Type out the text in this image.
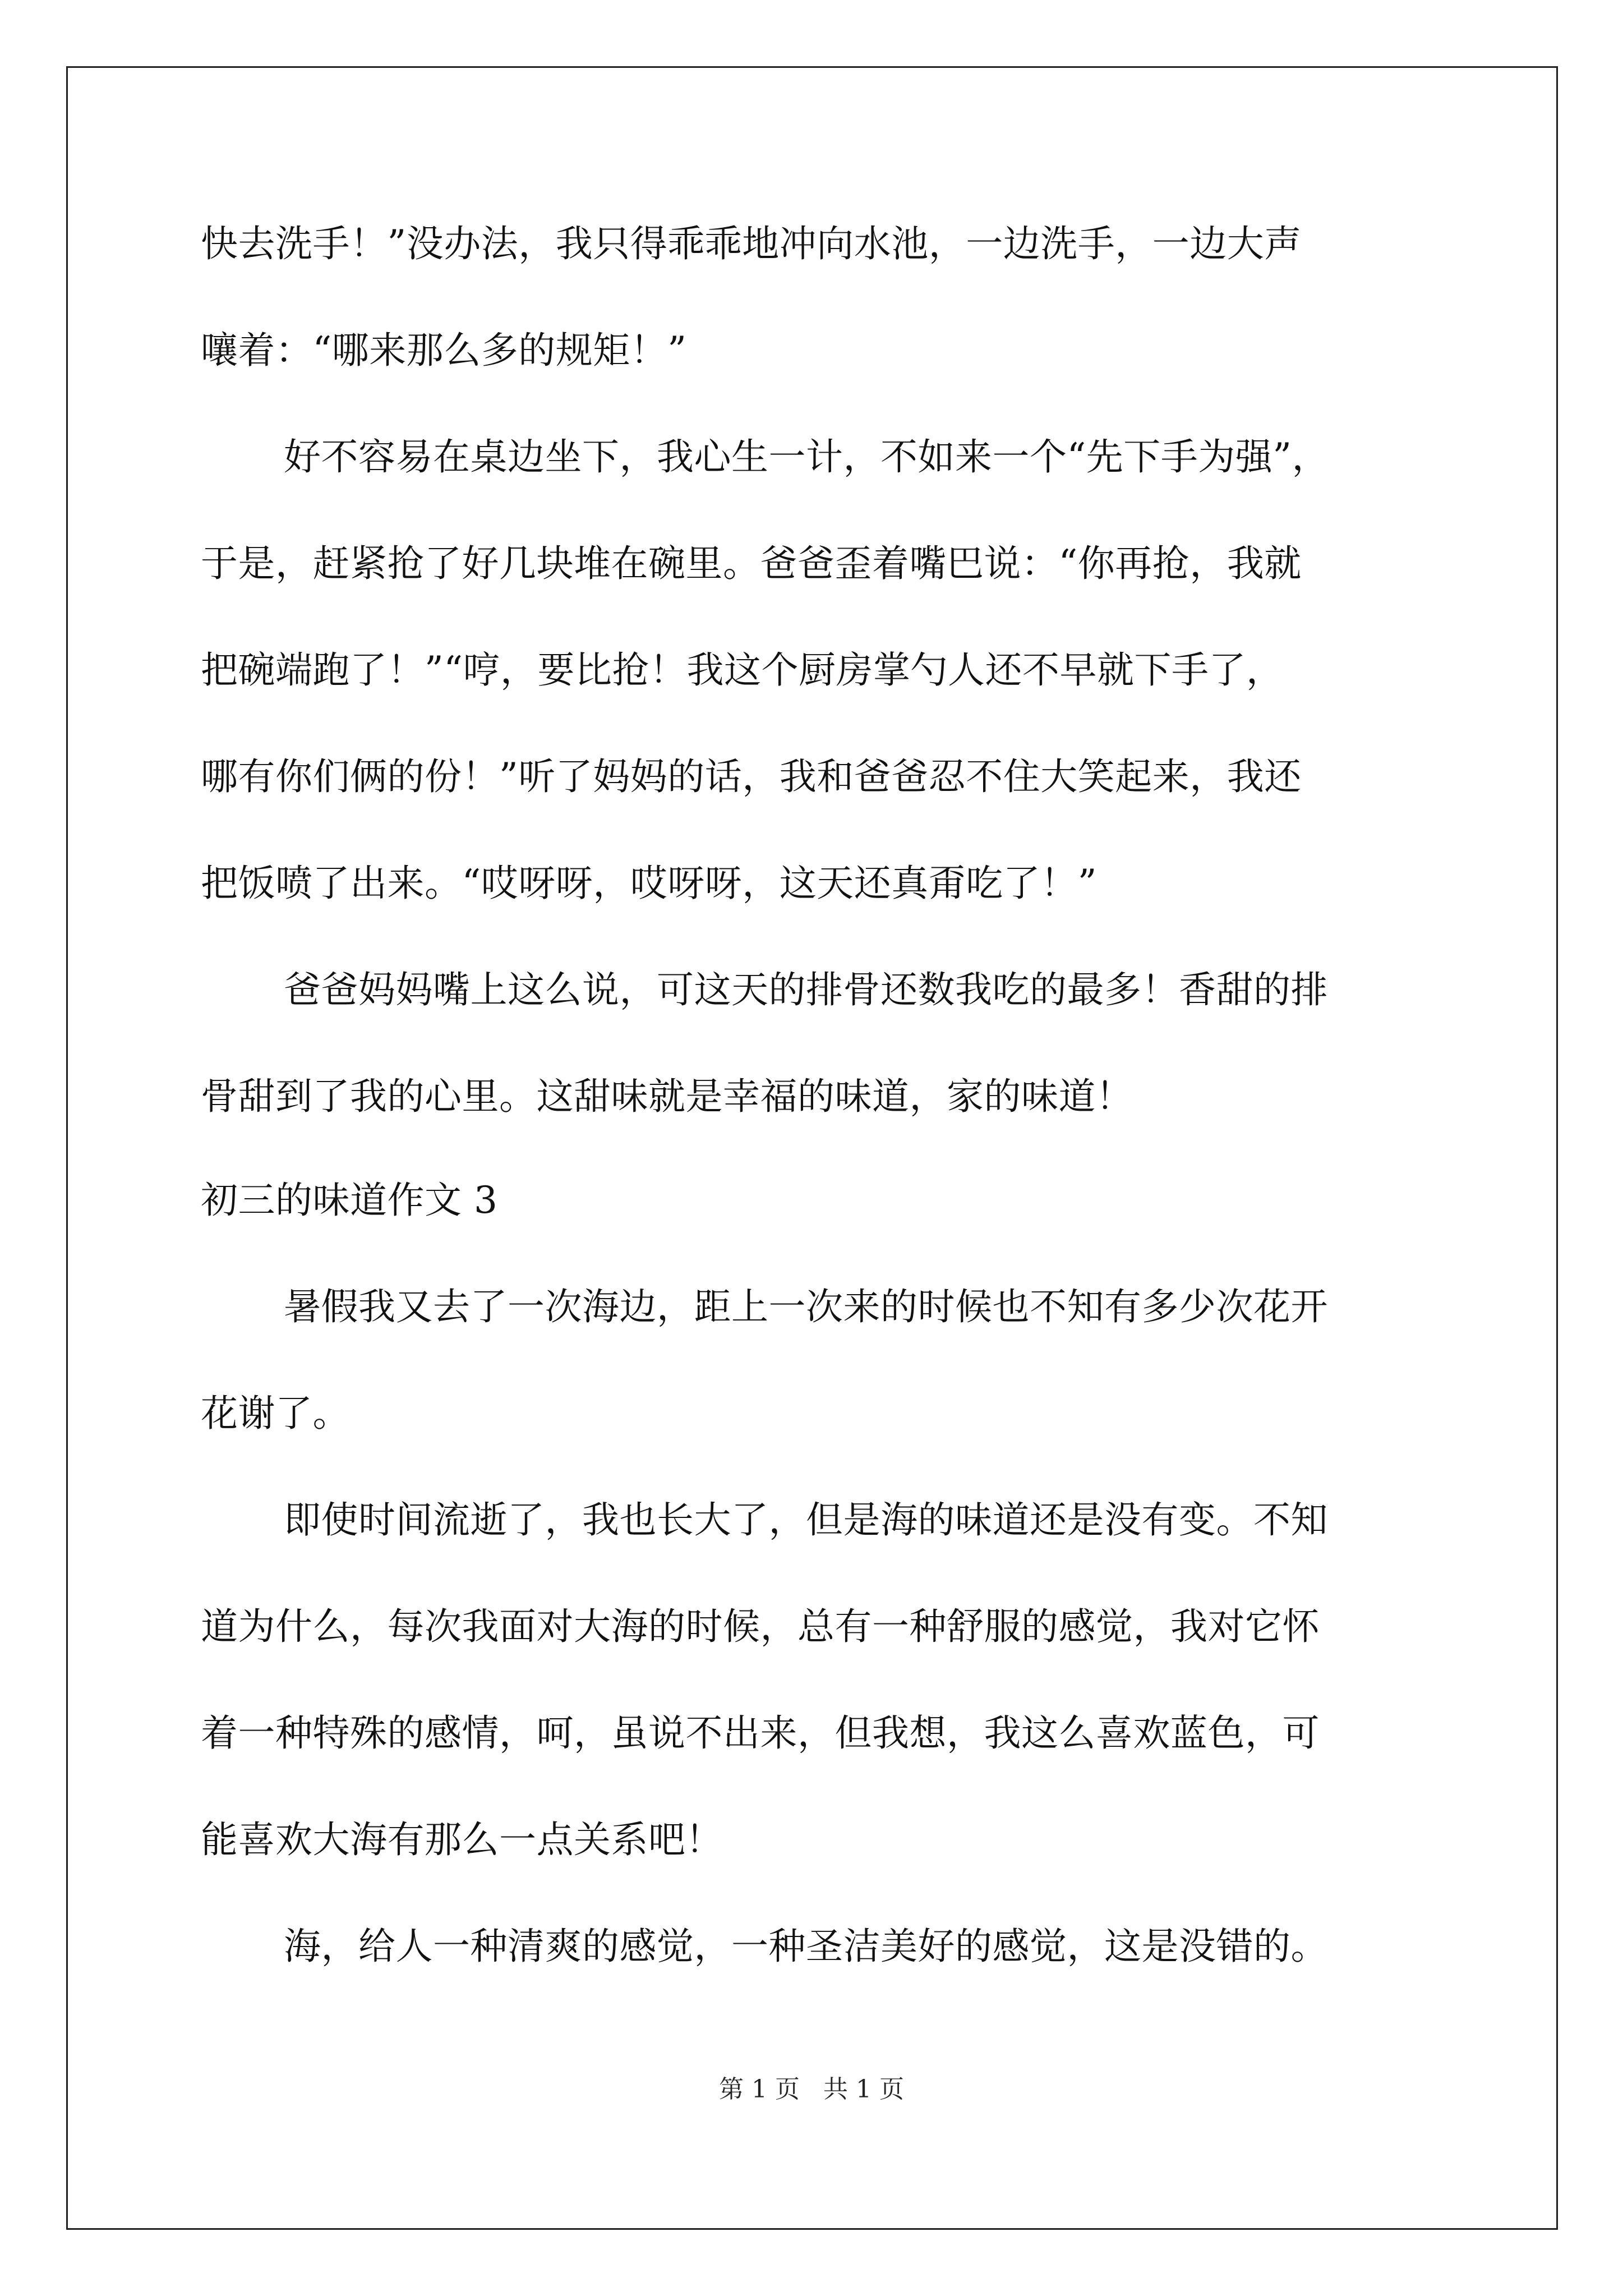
快去洗手！”没办法，我只得乖乖地冲向水池，一边洗手，一边大声
嚷着：“哪来那么多的规矩！”
好不容易在桌边坐下，我心生一计，不如来一个“先下手为强”，
于是，赶紧抢了好几块堆在碗里。爸爸歪着嘴巴说：“你再抢，我就
把碗端跑了！”“哼，要比抢！我这个厨房掌勺人还不早就下手了，
哪有你们俩的份！”听了妈妈的话，我和爸爸忍不住大笑起来，我还
把饭喷了出来。“哎呀呀，哎呀呀，这天还真甭吃了！”
爸爸妈妈嘴上这么说，可这天的排骨还数我吃的最多！香甜的排
骨甜到了我的心里。这甜味就是幸福的味道，家的味道！
初三的味道作文 3
暑假我又去了一次海边，距上一次来的时候也不知有多少次花开
花谢了。
即使时间流逝了，我也长大了，但是海的味道还是没有变。不知
道为什么，每次我面对大海的时候，总有一种舒服的感觉，我对它怀
着一种特殊的感情，呵，虽说不出来，但我想，我这么喜欢蓝色，可
能喜欢大海有那么一点关系吧！
海，给人一种清爽的感觉，一种圣洁美好的感觉，这是没错的。
第 1 页   共 1 页
